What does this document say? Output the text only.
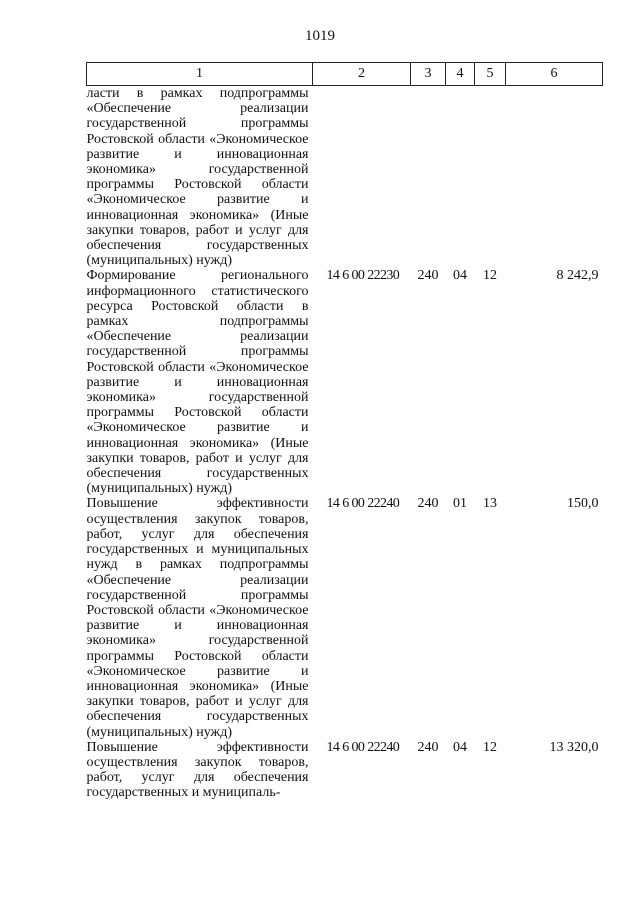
1019
1	2	3	4	5	6
ласти в рамках подпрограммы «Обеспечение реализации государственной программы Ростовской области «Экономическое развитие и инновационная экономика» государственной программы Ростовской области «Экономическое развитие и инновационная экономика» (Иные закупки товаров, работ и услуг для обеспечения государственных (муниципальных) нужд)					
Формирование регионального информационного статистического ресурса Ростовской области в рамках подпрограммы «Обеспечение реализации государственной программы Ростовской области «Экономическое развитие и инновационная экономика» государственной программы Ростовской области «Экономическое развитие и инновационная экономика» (Иные закупки товаров, работ и услуг для обеспечения государственных (муниципальных) нужд)	14 6 00 22230	240	04	12	8 242,9
Повышение эффективности осуществления закупок товаров, работ, услуг для обеспечения государственных и муниципальных нужд в рамках подпрограммы «Обеспечение реализации государственной программы Ростовской области «Экономическое развитие и инновационная экономика» государственной программы Ростовской области «Экономическое развитие и инновационная экономика» (Иные закупки товаров, работ и услуг для обеспечения государственных (муниципальных) нужд)	14 6 00 22240	240	01	13	150,0
Повышение эффективности осуществления закупок товаров, работ, услуг для обеспечения государственных и муниципаль-	14 6 00 22240	240	04	12	13 320,0
